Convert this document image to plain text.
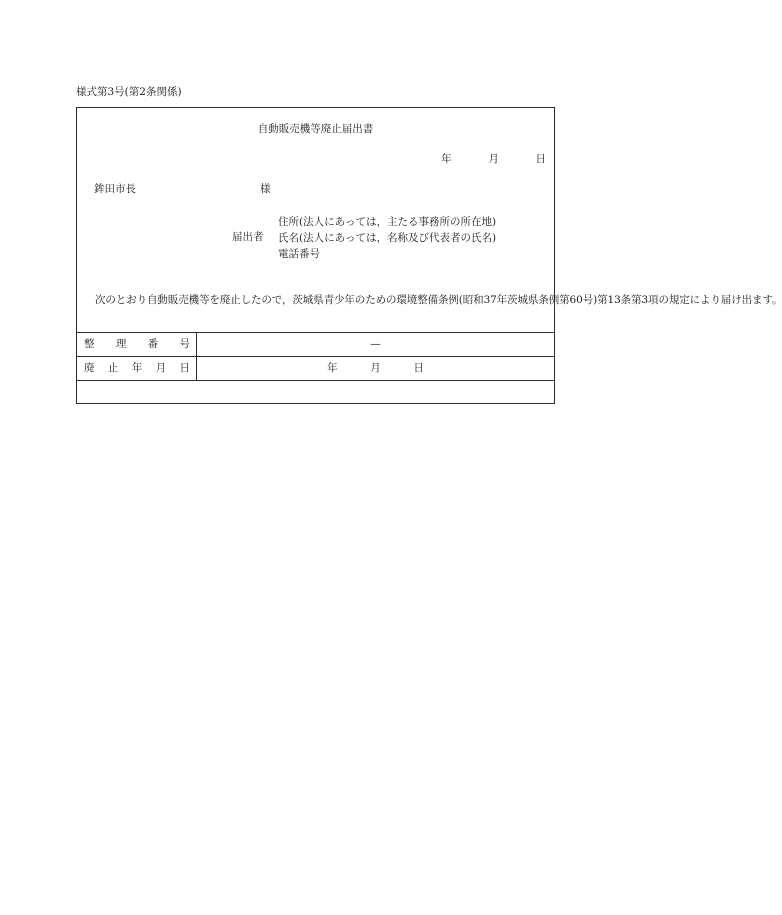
様式第3号(第2条関係)
自動販売機等廃止届出書
年	月	日
鉾田市長	様
届出者
住所(法人にあっては，主たる事務所の所在地)
氏名(法人にあっては，名称及び代表者の氏名)
電話番号
次のとおり自動販売機等を廃止したので，茨城県青少年のための環境整備条例(昭和37年茨城県条例第60号)第13条第3項の規定により届け出ます。
整 理 番 号	—
廃 止 年 月 日	年	月	日
